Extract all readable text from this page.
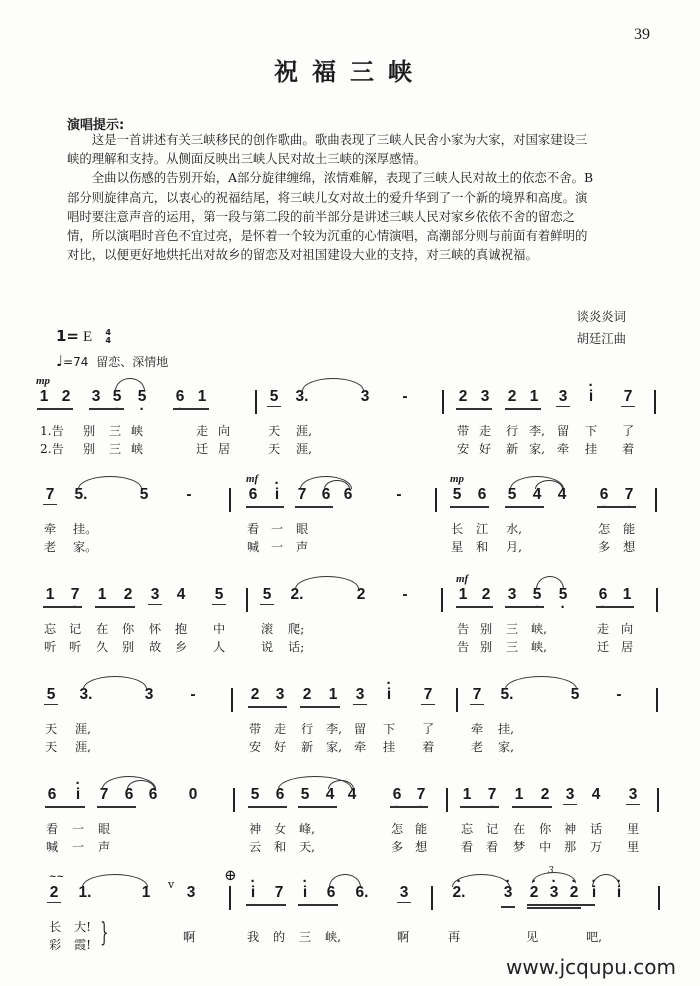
39
祝福三峡
演唱提示:

这是一首讲述有关三峡移民的创作歌曲。歌曲表现了三峡人民舍小家为大家，对国家建设三峡的理解和支持。从侧面反映出三峡人民对故土三峡的深厚感情。

全曲以伤感的告别开始，A部分旋律缠绵，浓情难解，表现了三峡人民对故土的依恋不舍。B部分则旋律高亢，以衷心的祝福结尾，将三峡儿女对故土的爱升华到了一个新的境界和高度。演唱时要注意声音的运用，第一段与第二段的前半部分是讲述三峡人民对家乡依依不舍的留恋之情，所以演唱时音色不宜过亮，是怀着一个较为沉重的心情演唱，高潮部分则与前面有着鲜明的对比，以便更好地烘托出对故乡的留恋及对祖国建设大业的支持，对三峡的真诚祝福。

谈炎炎词
胡廷江曲
1= E 4
4
♩=74 留恋、深情地
mp
1 2 3 5 · 5 · 6 · 1	5 3.	3 -	2 3 2 1 3	· i	7
1.告 别 三 峡	走 向	天 涯,	带 走 行 李, 留 下 了
2.告 别 三 峡	迁 居	天 涯,	安 好 新 家, 牵 挂 着
7 5.	5 -
mf
6	· i	7 6 6	-
mp
5 6 5 4 4 6 · 7 ·
牵 挂。	看 一 眼	长 江 水,	怎 能
老 家。	喊 一 声	星 和 月,	多 想
1 7 · 1 2 3 4 5	5 2.	2 -
mf
1 2 3 5 · 5 · 6 · 1
忘 记 在 你 怀 抱 中	滚 爬;	告 别 三 峡,	走 向
听 听 久 别 故 乡 人	说 话;	告 别 三 峡,	迁 居
5 3.	3 -	2 3 2 1 3	· i	7	7 5.	5 -
天 涯,	带 走 行 李, 留 下 了	牵 挂,
天 涯,	安 好 新 家, 牵 挂 着	老 家,
6	· i	7 6 6 0	5 6 5 4 4 6 · 7 · 1 7 · 1 2 3 4 3
看 一 眼	神 女 峰,	怎 能	忘 记 在 你 神 话 里
喊 一 声	云 和 天,	多 想	看 看 梦 中 那 万 里
2
~~
1.	1 v 3
⊕
· i	7	· i	6 6. 3	· 2. · 3
3
· 2 · 3 · 2 · i	· i
长 大! }	啊	我 的 三 峡,	啊	再	见	吧,
彩 霞!
www.jcqupu.com
